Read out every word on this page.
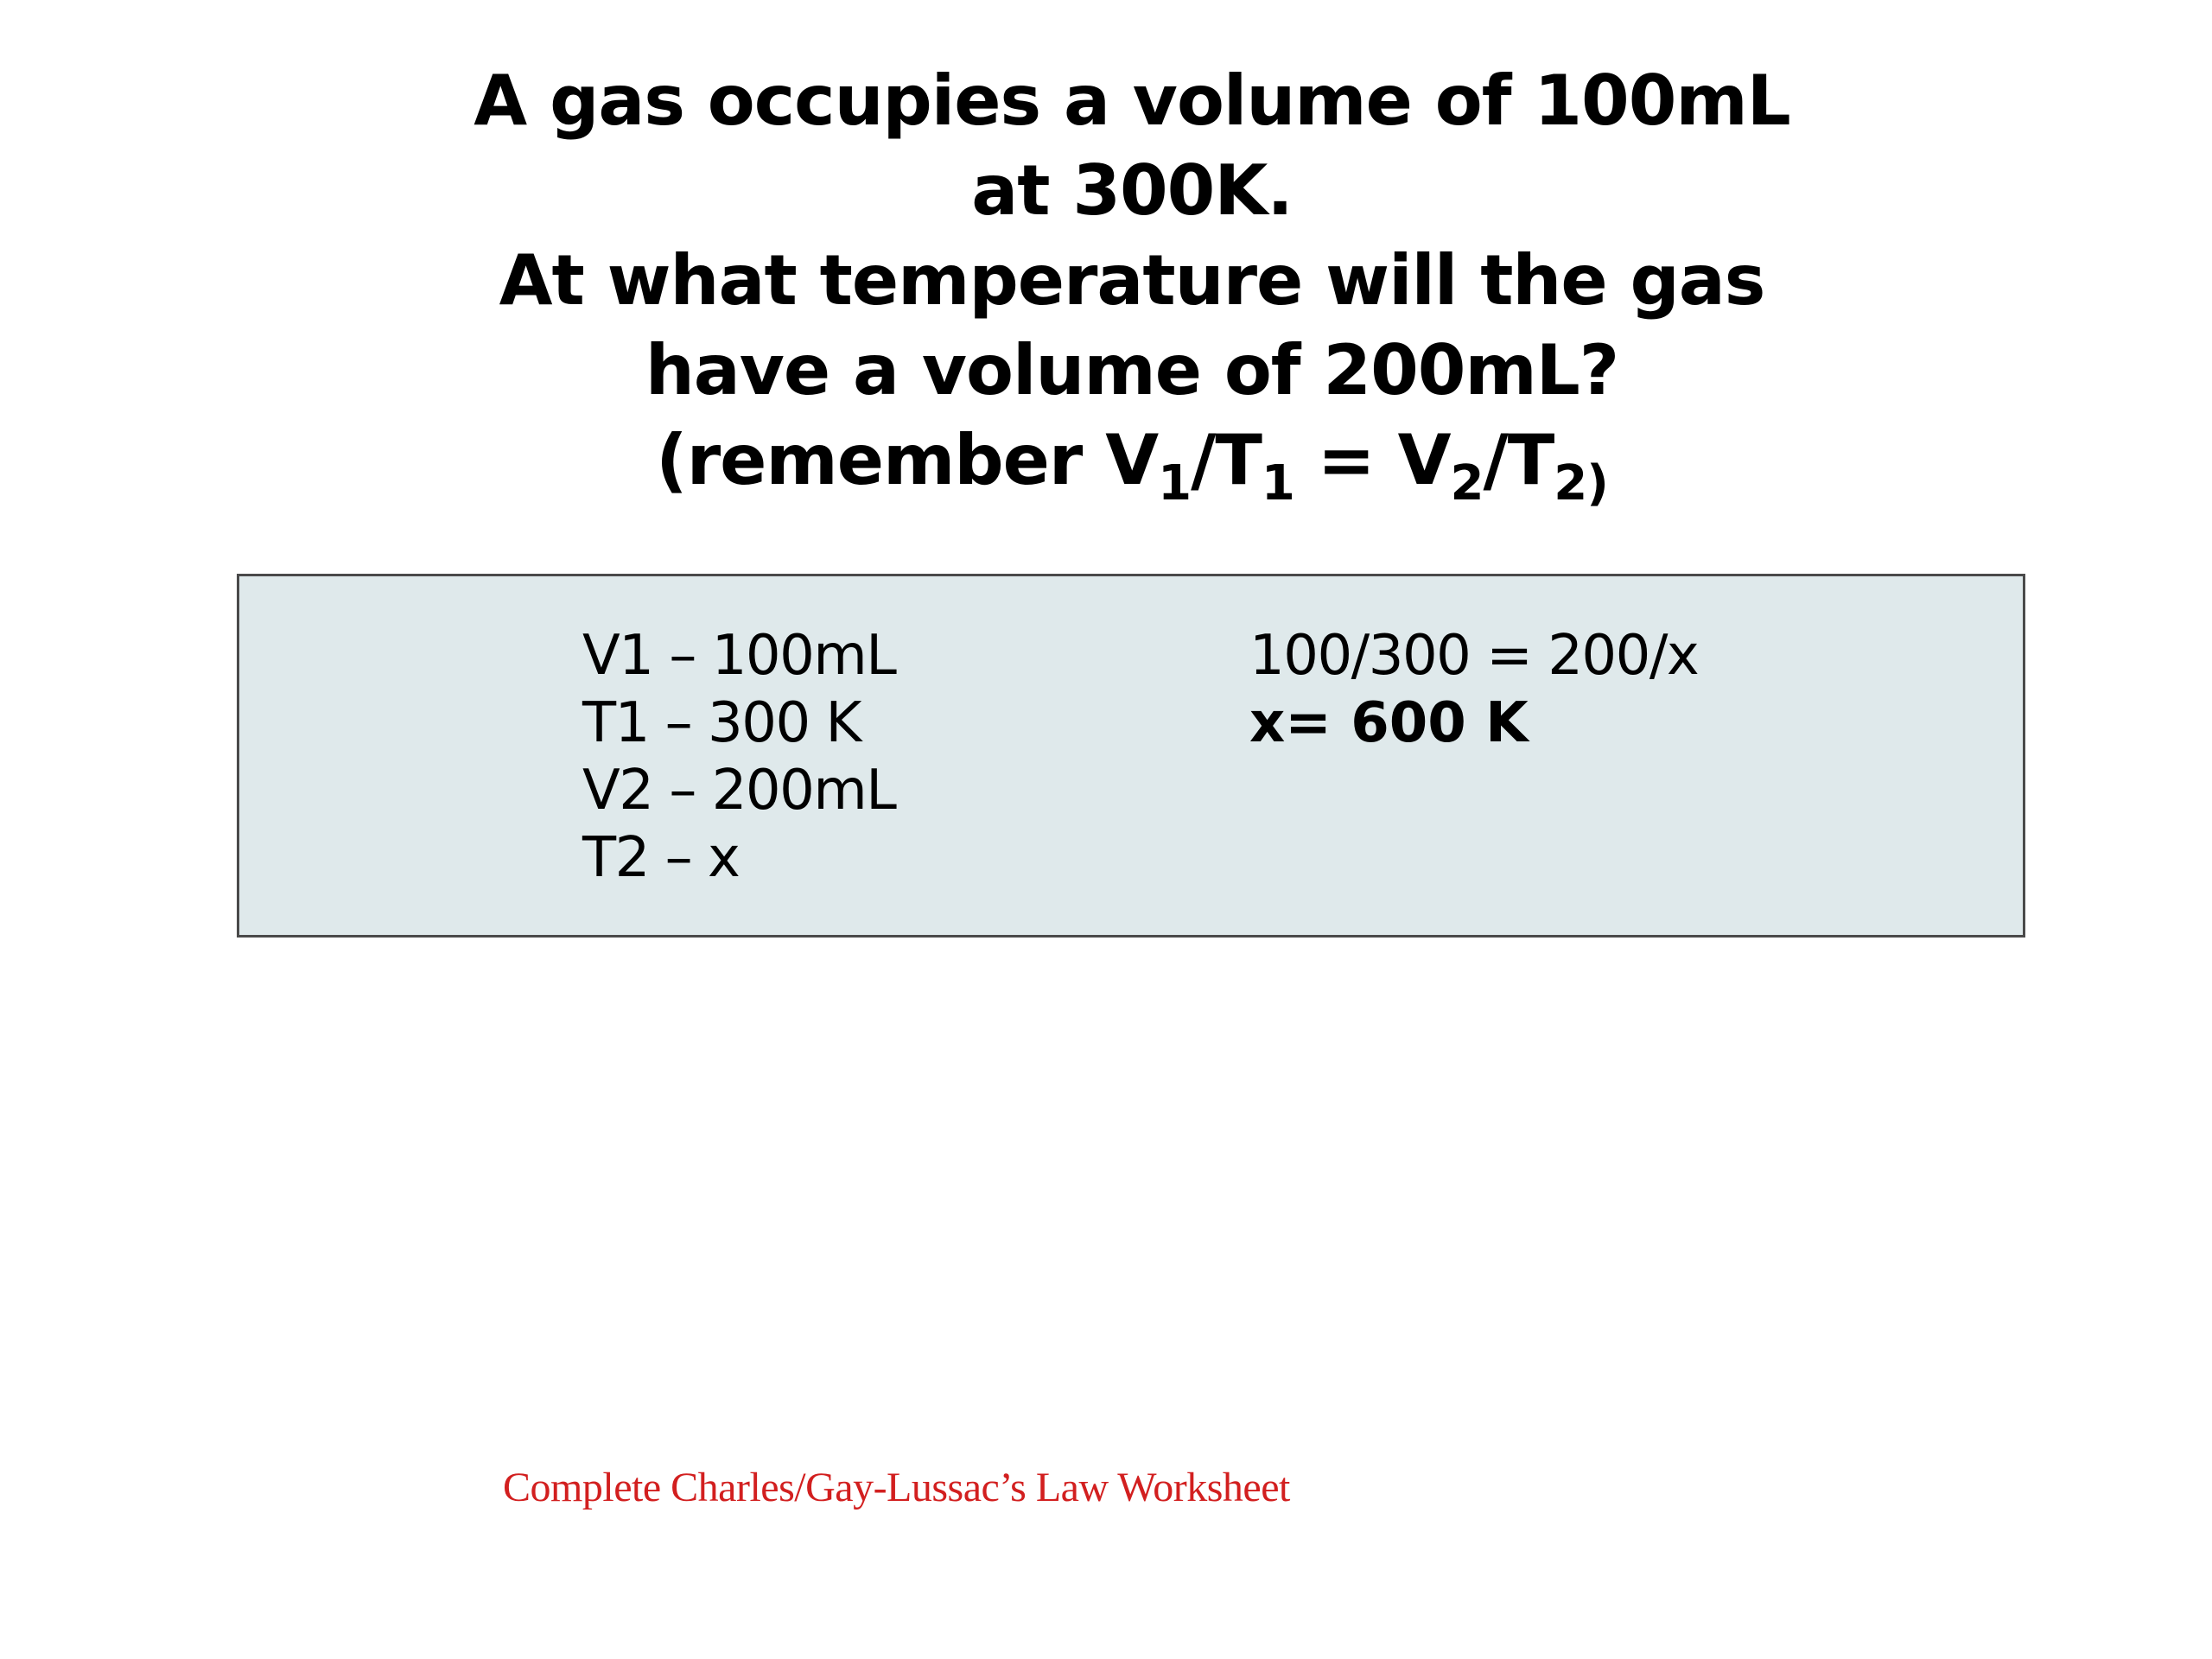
A gas occupies a volume of 100mL
at 300K.
At what temperature will the gas
have a volume of 200mL?
(remember $V_1/T_1 = V_2/T_{2)}$
V1 – 100mL
T1 – 300 K
V2 – 200mL
T2 – x
100/300 = 200/x
x= 600 K
Complete Charles/Gay-Lussac’s Law Worksheet
